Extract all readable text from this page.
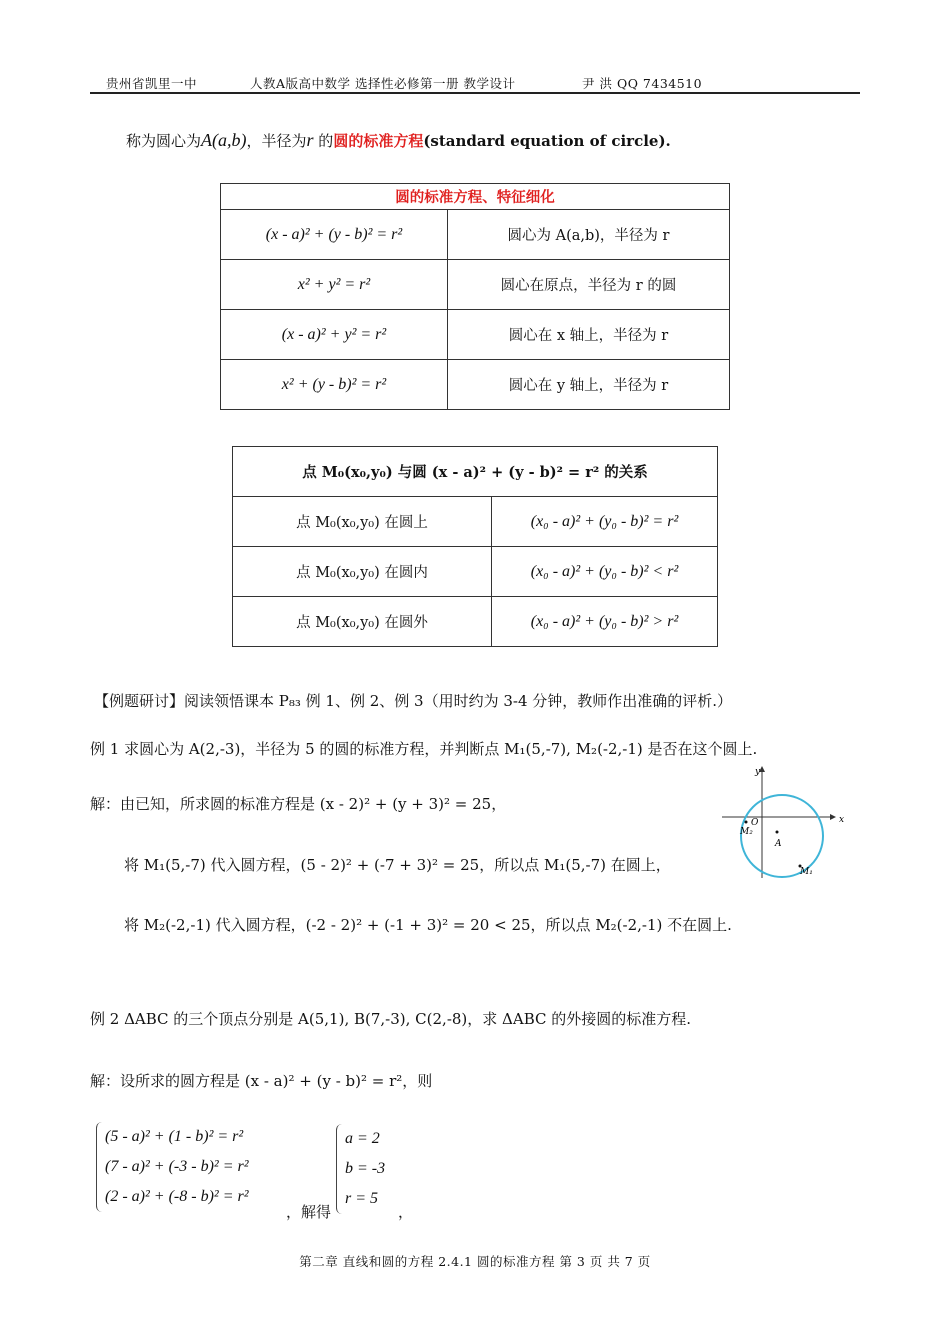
贵州省凯里一中	人教A版高中数学 选择性必修第一册 教学设计	尹 洪 QQ 7434510
称为圆心为A(a,b)，半径为r 的圆的标准方程(standard equation of circle).
圆的标准方程、特征细化	
(x - a)² + (y - b)² = r²	圆心为 A(a,b)，半径为 r
x² + y² = r²	圆心在原点，半径为 r 的圆
(x - a)² + y² = r²	圆心在 x 轴上，半径为 r
x² + (y - b)² = r²	圆心在 y 轴上，半径为 r
点 M₀(x₀,y₀) 与圆 (x - a)² + (y - b)² = r² 的关系	
点 M₀(x₀,y₀) 在圆上	(x₀ - a)² + (y₀ - b)² = r²
点 M₀(x₀,y₀) 在圆内	(x₀ - a)² + (y₀ - b)² < r²
点 M₀(x₀,y₀) 在圆外	(x₀ - a)² + (y₀ - b)² > r²
【例题研讨】阅读领悟课本 P₈₃ 例 1、例 2、例 3（用时约为 3-4 分钟，教师作出准确的评析.）
例 1 求圆心为 A(2,-3)，半径为 5 的圆的标准方程，并判断点 M₁(5,-7), M₂(-2,-1) 是否在这个圆上.
解：由已知，所求圆的标准方程是 (x - 2)² + (y + 3)² = 25，
将 M₁(5,-7) 代入圆方程，(5 - 2)² + (-7 + 3)² = 25，所以点 M₁(5,-7) 在圆上，
将 M₂(-2,-1) 代入圆方程，(-2 - 2)² + (-1 + 3)² = 20 < 25，所以点 M₂(-2,-1) 不在圆上.
x
y
O
A
M₂
M₁
例 2 ΔABC 的三个顶点分别是 A(5,1), B(7,-3), C(2,-8)，求 ΔABC 的外接圆的标准方程.
解：设所求的圆方程是 (x - a)² + (y - b)² = r²，则
(5 - a)² + (1 - b)² = r²
(7 - a)² + (-3 - b)² = r²
(2 - a)² + (-8 - b)² = r²
，解得
a = 2
b = -3
r = 5
，
第二章 直线和圆的方程 2.4.1 圆的标准方程 第 3 页 共 7 页
